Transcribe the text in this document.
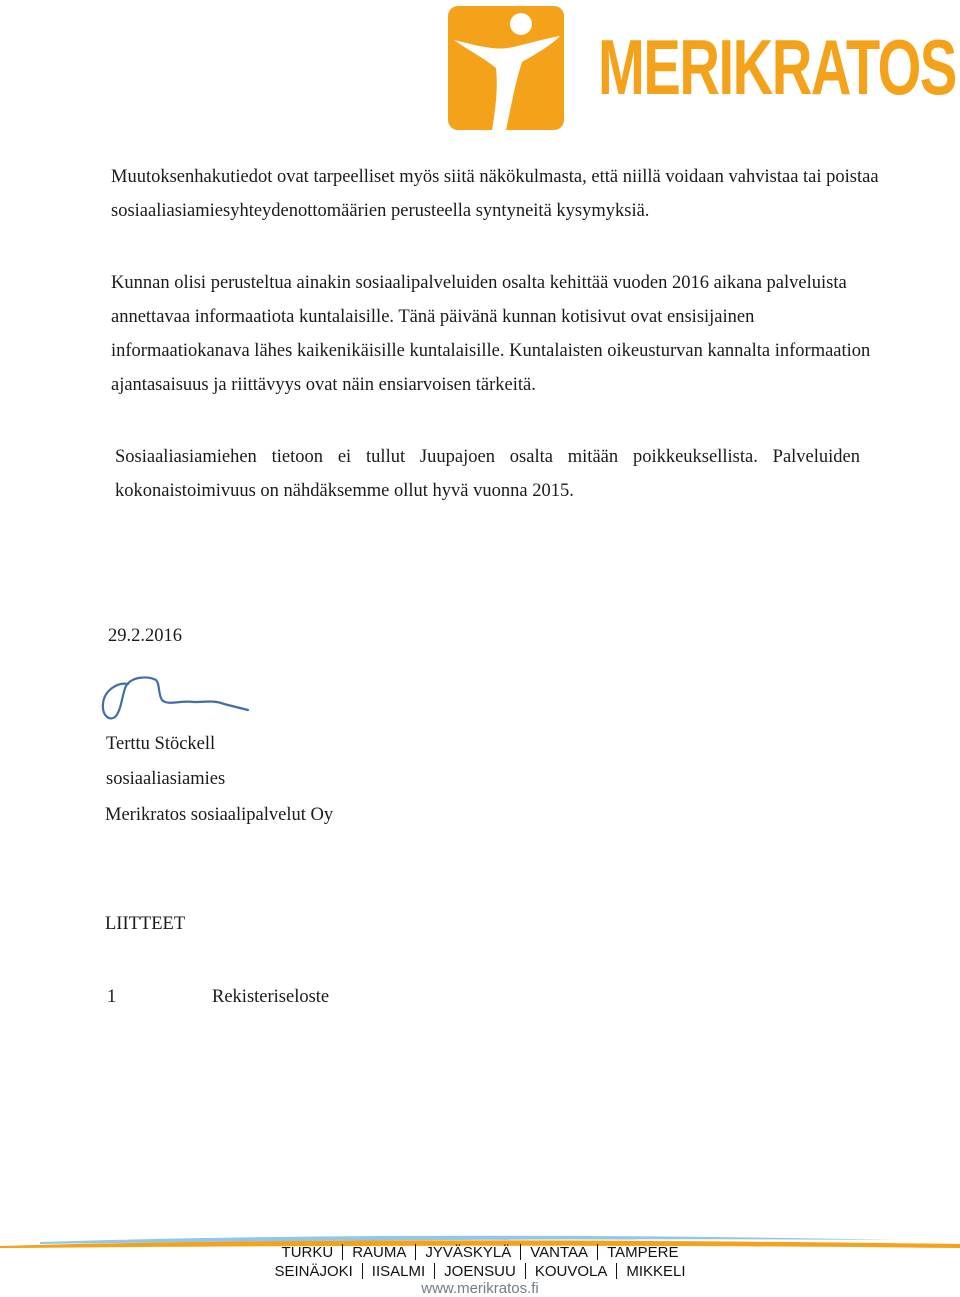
MERIKRATOS

Muutoksenhakutiedot ovat tarpeelliset myös siitä näkökulmasta, että niillä voidaan vahvistaa tai poistaa sosiaaliasiamiesyhteydenottomäärien perusteella syntyneitä kysymyksiä.

Kunnan olisi perusteltua ainakin sosiaalipalveluiden osalta kehittää vuoden 2016 aikana palveluista annettavaa informaatiota kuntalaisille. Tänä päivänä kunnan kotisivut ovat ensisijainen informaatiokanava lähes kaikenikäisille kuntalaisille. Kuntalaisten oikeusturvan kannalta informaation ajantasaisuus ja riittävyys ovat näin ensiarvoisen tärkeitä.

Sosiaaliasiamiehen tietoon ei tullut Juupajoen osalta mitään poikkeuksellista. Palveluiden kokonaistoimivuus on nähdäksemme ollut hyvä vuonna 2015.

29.2.2016
Terttu Stöckell
sosiaaliasiamies
Merikratos sosiaalipalvelut Oy
LIITTEET
1	Rekisteriseloste
TURKU RAUMA JYVÄSKYLÄ VANTAA TAMPERE
SEINÄJOKI IISALMI JOENSUU KOUVOLA MIKKELI
www.merikratos.fi
